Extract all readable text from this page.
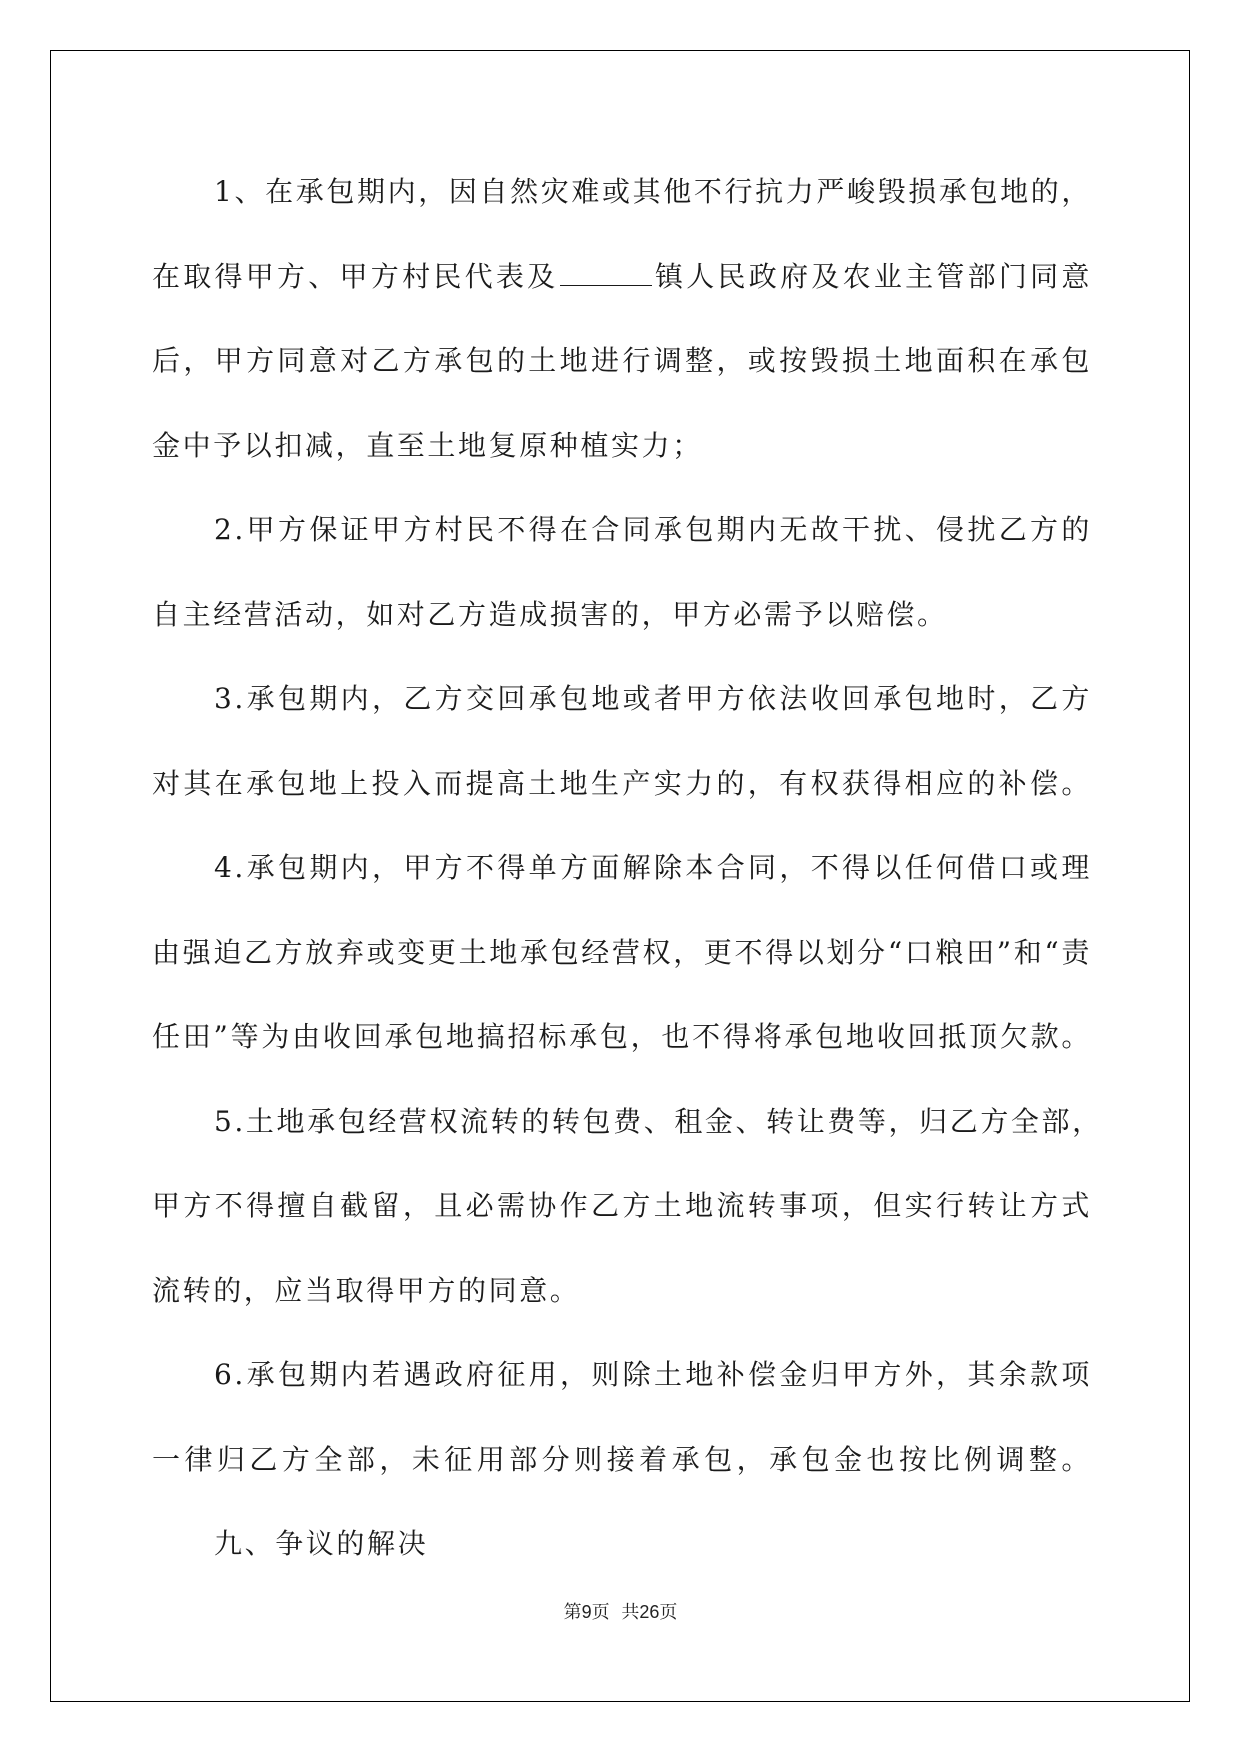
1、在承包期内，因自然灾难或其他不行抗力严峻毁损承包地的，
在取得甲方、甲方村民代表及	镇人民政府及农业主管部门同意
后，甲方同意对乙方承包的土地进行调整，或按毁损土地面积在承包
金中予以扣减，直至土地复原种植实力；
2.甲方保证甲方村民不得在合同承包期内无故干扰、侵扰乙方的
自主经营活动，如对乙方造成损害的，甲方必需予以赔偿。
3.承包期内，乙方交回承包地或者甲方依法收回承包地时，乙方
对其在承包地上投入而提高土地生产实力的，有权获得相应的补偿。
4.承包期内，甲方不得单方面解除本合同，不得以任何借口或理
由强迫乙方放弃或变更土地承包经营权，更不得以划分“口粮田”和“责
任田”等为由收回承包地搞招标承包，也不得将承包地收回抵顶欠款。
5.土地承包经营权流转的转包费、租金、转让费等，归乙方全部，
甲方不得擅自截留，且必需协作乙方土地流转事项，但实行转让方式
流转的，应当取得甲方的同意。
6.承包期内若遇政府征用，则除土地补偿金归甲方外，其余款项
一律归乙方全部，未征用部分则接着承包，承包金也按比例调整。
九、争议的解决
第9页 共26页
